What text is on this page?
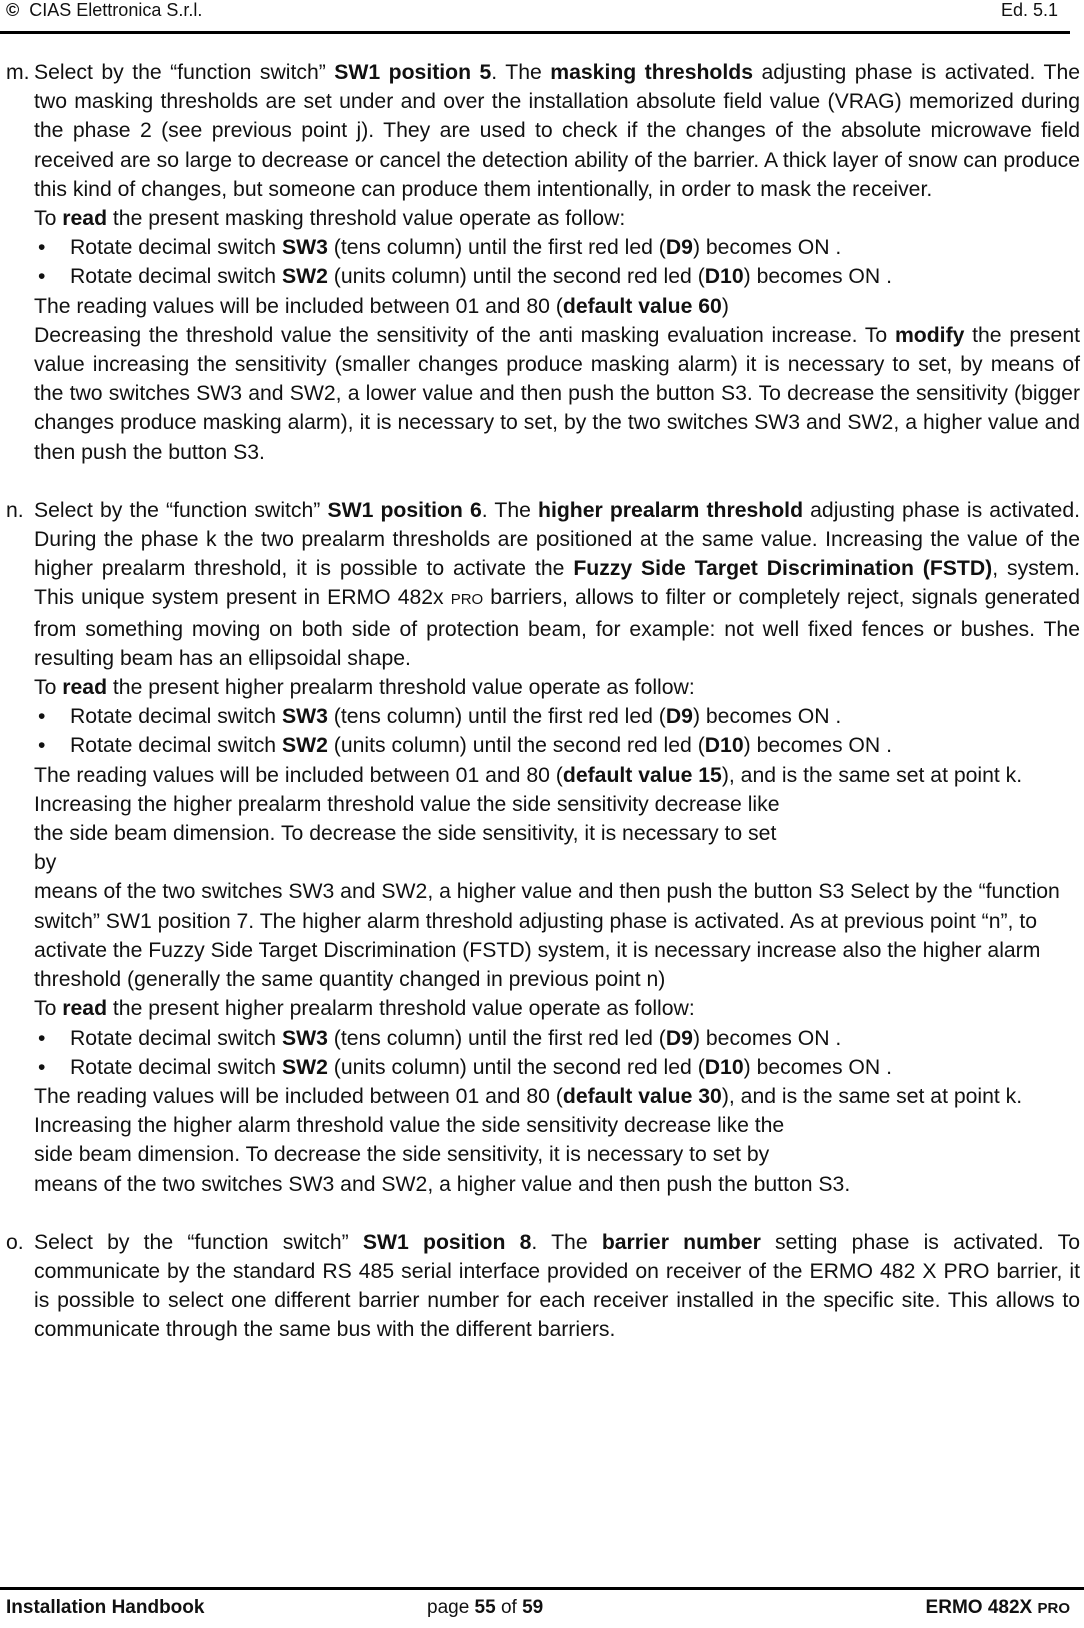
© CIAS Elettronica S.r.l.	Ed. 5.1
m. Select by the “function switch” SW1 position 5. The masking thresholds adjusting phase is activated. The two masking thresholds are set under and over the installation absolute field value (VRAG) memorized during the phase 2 (see previous point j). They are used to check if the changes of the absolute microwave field received are so large to decrease or cancel the detection ability of the barrier. A thick layer of snow can produce this kind of changes, but someone can produce them intentionally, in order to mask the receiver.

To read the present masking threshold value operate as follow:

• Rotate decimal switch SW3 (tens column) until the first red led (D9) becomes ON .

• Rotate decimal switch SW2 (units column) until the second red led (D10) becomes ON .

The reading values will be included between 01 and 80 (default value 60)

Decreasing the threshold value the sensitivity of the anti masking evaluation increase. To modify the present value increasing the sensitivity (smaller changes produce masking alarm) it is necessary to set, by means of the two switches SW3 and SW2, a lower value and then push the button S3. To decrease the sensitivity (bigger changes produce masking alarm), it is necessary to set, by the two switches SW3 and SW2, a higher value and then push the button S3.

n. Select by the “function switch” SW1 position 6. The higher prealarm threshold adjusting phase is activated. During the phase k the two prealarm thresholds are positioned at the same value. Increasing the value of the higher prealarm threshold, it is possible to activate the Fuzzy Side Target Discrimination (FSTD), system. This unique system present in ERMO 482x PRO barriers, allows to filter or completely reject, signals generated from something moving on both side of protection beam, for example: not well fixed fences or bushes. The resulting beam has an ellipsoidal shape.

To read the present higher prealarm threshold value operate as follow:

• Rotate decimal switch SW3 (tens column) until the first red led (D9) becomes ON .

• Rotate decimal switch SW2 (units column) until the second red led (D10) becomes ON .

The reading values will be included between 01 and 80 (default value 15), and is the same set at point k.

Increasing the higher prealarm threshold value the side sensitivity decrease like the side beam dimension. To decrease the side sensitivity, it is necessary to set by

means of the two switches SW3 and SW2, a higher value and then push the button S3 Select by the “function switch” SW1 position 7. The higher alarm threshold adjusting phase is activated. As at previous point “n”, to activate the Fuzzy Side Target Discrimination (FSTD) system, it is necessary increase also the higher alarm threshold (generally the same quantity changed in previous point n)

To read the present higher prealarm threshold value operate as follow:

• Rotate decimal switch SW3 (tens column) until the first red led (D9) becomes ON .

• Rotate decimal switch SW2 (units column) until the second red led (D10) becomes ON .

The reading values will be included between 01 and 80 (default value 30), and is the same set at point k.

Increasing the higher alarm threshold value the side sensitivity decrease like the side beam dimension. To decrease the side sensitivity, it is necessary to set by

means of the two switches SW3 and SW2, a higher value and then push the button S3.

o. Select by the “function switch” SW1 position 8. The barrier number setting phase is activated. To communicate by the standard RS 485 serial interface provided on receiver of the ERMO 482 X PRO barrier, it is possible to select one different barrier number for each receiver installed in the specific site. This allows to communicate through the same bus with the different barriers.

Installation Handbook	page 55 of 59	ERMO 482X PRO
